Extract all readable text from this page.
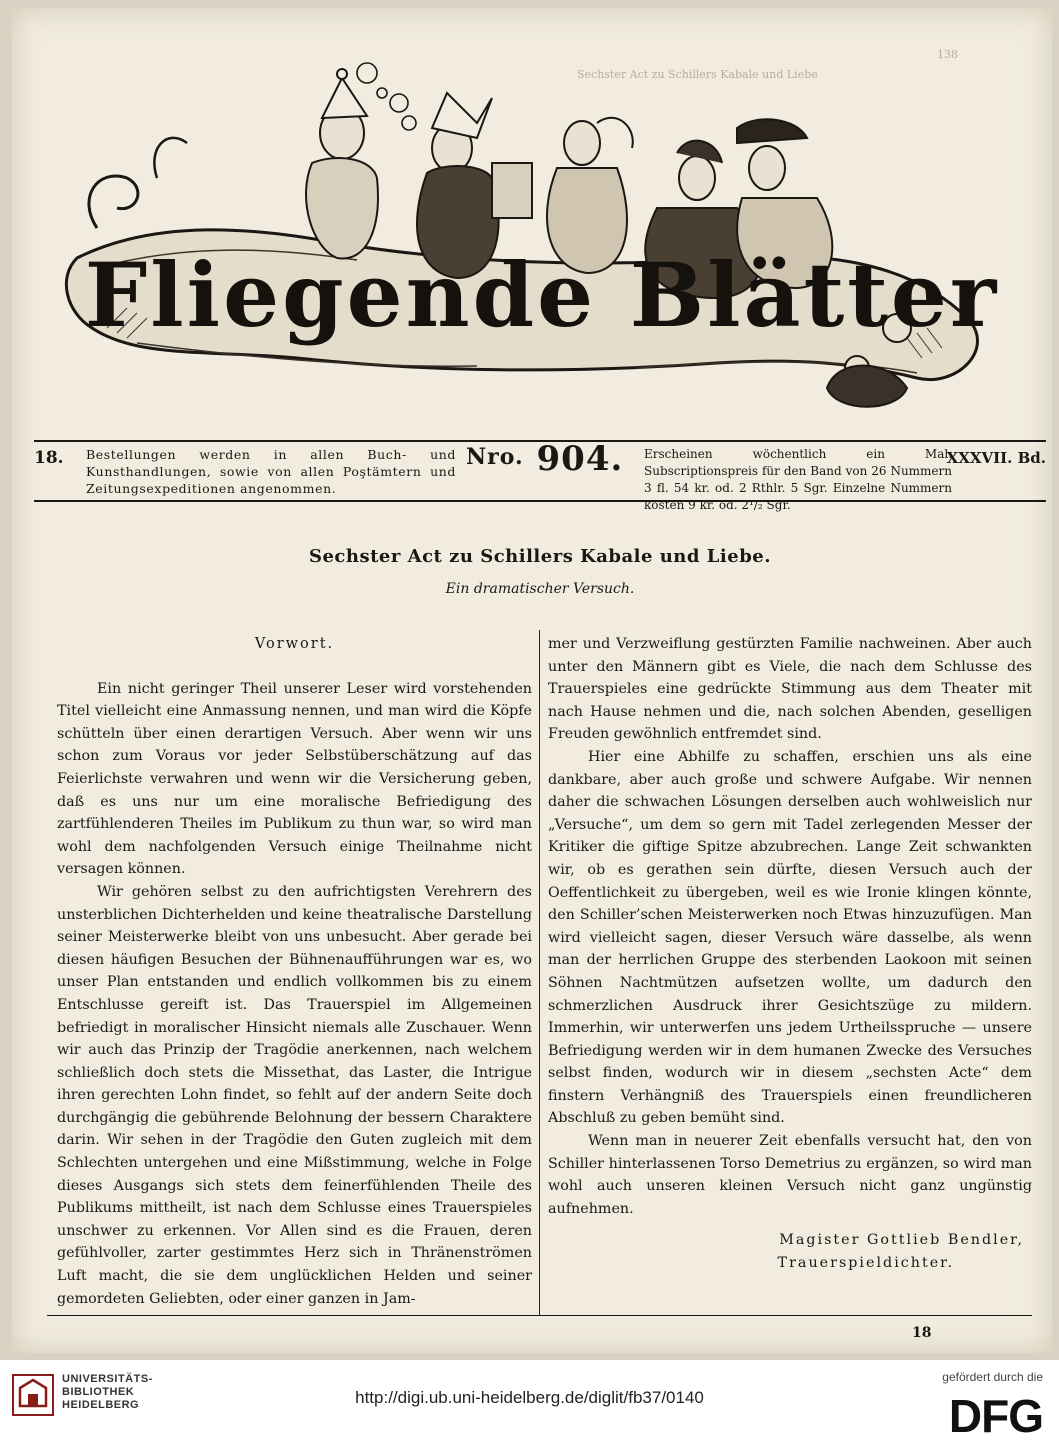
Sechster Act zu Schillers Kabale und Liebe
138
Fliegende Blätter
18. Bestellungen werden in allen Buch- und Kunsthandlungen, sowie von allen Poştämtern und Zeitungsexpeditionen angenommen.
Nro. 904. Erscheinen wöchentlich ein Mal. Subscriptionspreis für den Band von 26 Nummern 3 fl. 54 kr. od. 2 Rthlr. 5 Sgr. Einzelne Nummern kosten 9 kr. od. 2¹/₂ Sgr.
XXXVII. Bd.
Sechster Act zu Schillers Kabale und Liebe.
Ein dramatischer Versuch.
Vorwort.

Ein nicht geringer Theil unserer Leser wird vorstehenden Titel vielleicht eine Anmassung nennen, und man wird die Köpfe schütteln über einen derartigen Versuch. Aber wenn wir uns schon zum Voraus vor jeder Selbstüberschätzung auf das Feierlichste verwahren und wenn wir die Versicherung geben, daß es uns nur um eine moralische Befriedigung des zartfühlenderen Theiles im Publikum zu thun war, so wird man wohl dem nachfolgenden Versuch einige Theilnahme nicht versagen können.

Wir gehören selbst zu den aufrichtigsten Verehrern des unsterblichen Dichterhelden und keine theatralische Darstellung seiner Meisterwerke bleibt von uns unbesucht. Aber gerade bei diesen häufigen Besuchen der Bühnenaufführungen war es, wo unser Plan entstanden und endlich vollkommen bis zu einem Entschlusse gereift ist. Das Trauerspiel im Allgemeinen befriedigt in moralischer Hinsicht niemals alle Zuschauer. Wenn wir auch das Prinzip der Tragödie anerkennen, nach welchem schließlich doch stets die Missethat, das Laster, die Intrigue ihren gerechten Lohn findet, so fehlt auf der andern Seite doch durchgängig die gebührende Belohnung der bessern Charaktere darin. Wir sehen in der Tragödie den Guten zugleich mit dem Schlechten untergehen und eine Mißstimmung, welche in Folge dieses Ausgangs sich stets dem feinerfühlenden Theile des Publikums mittheilt, ist nach dem Schlusse eines Trauerspieles unschwer zu erkennen. Vor Allen sind es die Frauen, deren gefühlvoller, zarter gestimmtes Herz sich in Thränenströmen Luft macht, die sie dem unglücklichen Helden und seiner gemordeten Geliebten, oder einer ganzen in Jam-

mer und Verzweiflung gestürzten Familie nachweinen. Aber auch unter den Männern gibt es Viele, die nach dem Schlusse des Trauerspieles eine gedrückte Stimmung aus dem Theater mit nach Hause nehmen und die, nach solchen Abenden, geselligen Freuden gewöhnlich entfremdet sind.

Hier eine Abhilfe zu schaffen, erschien uns als eine dankbare, aber auch große und schwere Aufgabe. Wir nennen daher die schwachen Lösungen derselben auch wohlweislich nur „Versuche“, um dem so gern mit Tadel zerlegenden Messer der Kritiker die giftige Spitze abzubrechen. Lange Zeit schwankten wir, ob es gerathen sein dürfte, diesen Versuch auch der Oeffentlichkeit zu übergeben, weil es wie Ironie klingen könnte, den Schiller’schen Meisterwerken noch Etwas hinzuzufügen. Man wird vielleicht sagen, dieser Versuch wäre dasselbe, als wenn man der herrlichen Gruppe des sterbenden Laokoon mit seinen Söhnen Nachtmützen aufsetzen wollte, um dadurch den schmerzlichen Ausdruck ihrer Gesichtszüge zu mildern. Immerhin, wir unterwerfen uns jedem Urtheilsspruche — unsere Befriedigung werden wir in dem humanen Zwecke des Versuches selbst finden, wodurch wir in diesem „sechsten Acte“ dem finstern Verhängniß des Trauerspiels einen freundlicheren Abschluß zu geben bemüht sind.

Wenn man in neuerer Zeit ebenfalls versucht hat, den von Schiller hinterlassenen Torso Demetrius zu ergänzen, so wird man wohl auch unseren kleinen Versuch nicht ganz ungünstig aufnehmen.

Magister Gottlieb Bendler,
Trauerspieldichter.
18
UNIVERSITÄTS-
BIBLIOTHEK
HEIDELBERG	http://digi.ub.uni-heidelberg.de/diglit/fb37/0140
gefördert durch die
DFG
